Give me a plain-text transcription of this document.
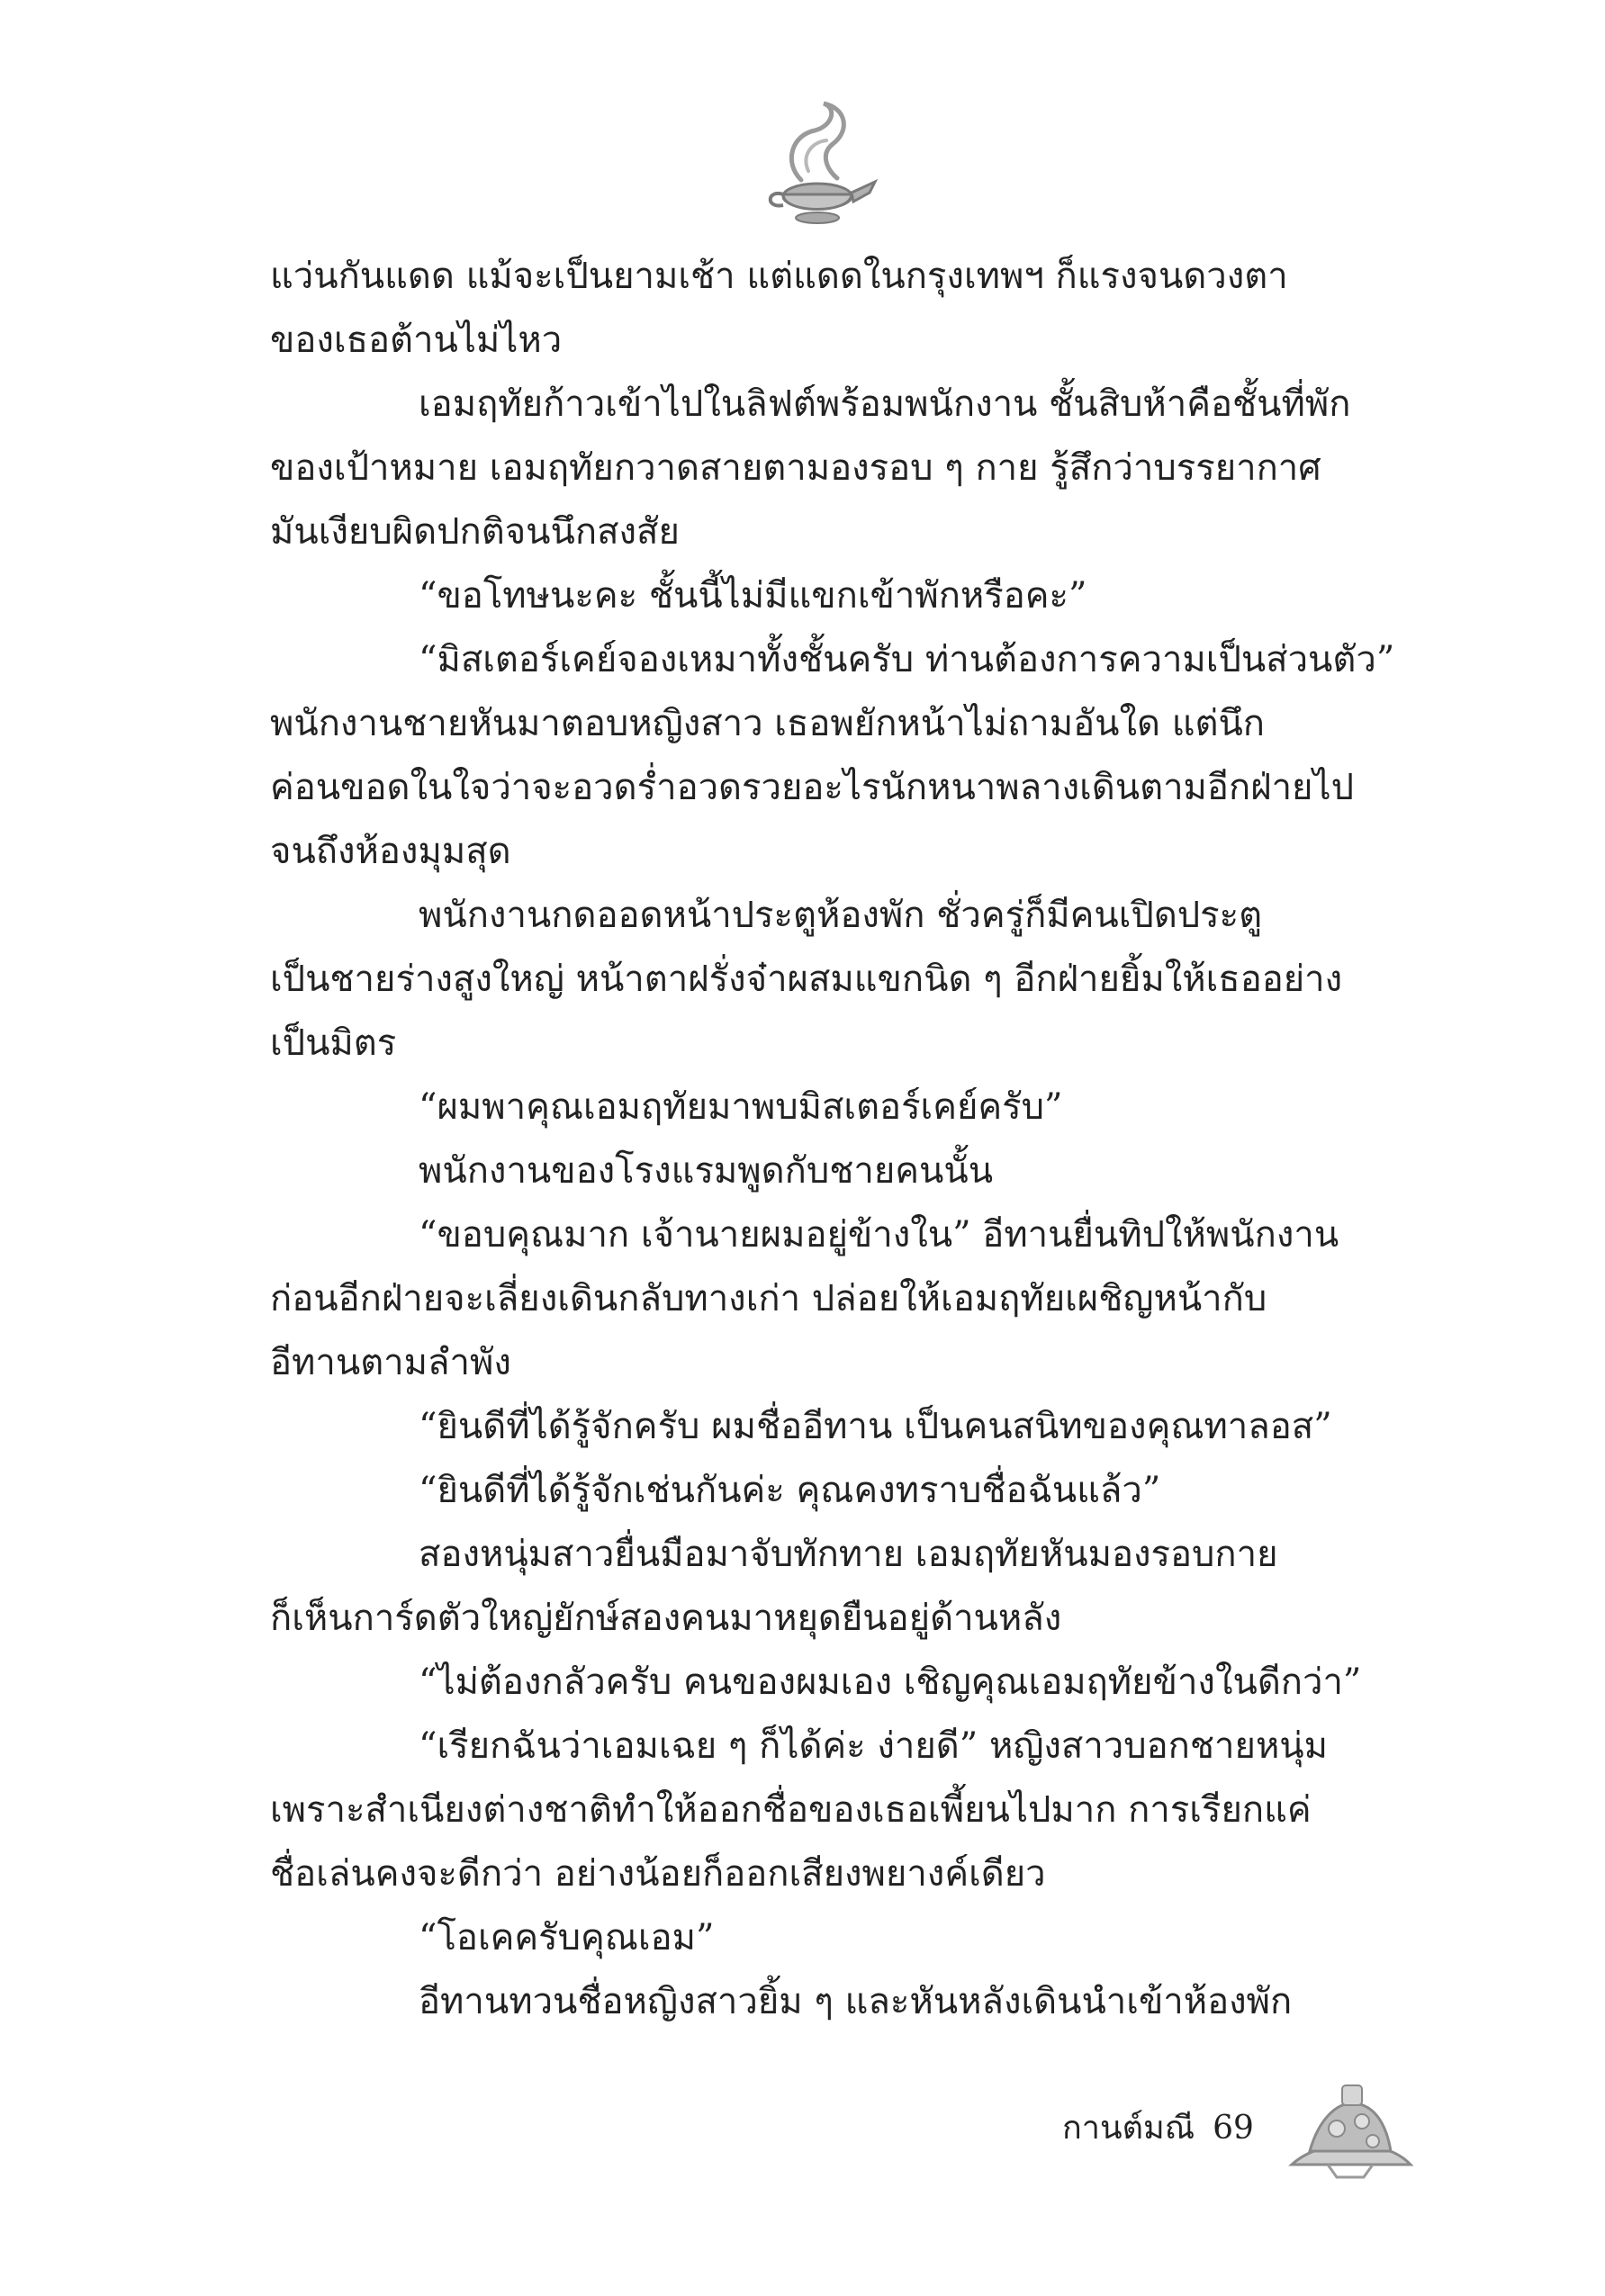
แว่นกันแดด แม้จะเป็นยามเช้า แต่แดดในกรุงเทพฯ ก็แรงจนดวงตา
ของเธอต้านไม่ไหว
เอมฤทัยก้าวเข้าไปในลิฟต์พร้อมพนักงาน ชั้นสิบห้าคือชั้นที่พัก
ของเป้าหมาย เอมฤทัยกวาดสายตามองรอบ ๆ กาย รู้สึกว่าบรรยากาศ
มันเงียบผิดปกติจนนึกสงสัย
“ขอโทษนะคะ ชั้นนี้ไม่มีแขกเข้าพักหรือคะ”
“มิสเตอร์เคย์จองเหมาทั้งชั้นครับ ท่านต้องการความเป็นส่วนตัว”
พนักงานชายหันมาตอบหญิงสาว เธอพยักหน้าไม่ถามอันใด แต่นึก
ค่อนขอดในใจว่าจะอวดร่ำอวดรวยอะไรนักหนาพลางเดินตามอีกฝ่ายไป
จนถึงห้องมุมสุด
พนักงานกดออดหน้าประตูห้องพัก ชั่วครู่ก็มีคนเปิดประตู
เป็นชายร่างสูงใหญ่ หน้าตาฝรั่งจ๋าผสมแขกนิด ๆ อีกฝ่ายยิ้มให้เธออย่าง
เป็นมิตร
“ผมพาคุณเอมฤทัยมาพบมิสเตอร์เคย์ครับ”
พนักงานของโรงแรมพูดกับชายคนนั้น
“ขอบคุณมาก เจ้านายผมอยู่ข้างใน” อีทานยื่นทิปให้พนักงาน
ก่อนอีกฝ่ายจะเลี่ยงเดินกลับทางเก่า ปล่อยให้เอมฤทัยเผชิญหน้ากับ
อีทานตามลำพัง
“ยินดีที่ได้รู้จักครับ ผมชื่ออีทาน เป็นคนสนิทของคุณทาลอส”
“ยินดีที่ได้รู้จักเช่นกันค่ะ คุณคงทราบชื่อฉันแล้ว”
สองหนุ่มสาวยื่นมือมาจับทักทาย เอมฤทัยหันมองรอบกาย
ก็เห็นการ์ดตัวใหญ่ยักษ์สองคนมาหยุดยืนอยู่ด้านหลัง
“ไม่ต้องกลัวครับ คนของผมเอง เชิญคุณเอมฤทัยข้างในดีกว่า”
“เรียกฉันว่าเอมเฉย ๆ ก็ได้ค่ะ ง่ายดี” หญิงสาวบอกชายหนุ่ม
เพราะสำเนียงต่างชาติทำให้ออกชื่อของเธอเพี้ยนไปมาก การเรียกแค่
ชื่อเล่นคงจะดีกว่า อย่างน้อยก็ออกเสียงพยางค์เดียว
“โอเคครับคุณเอม”
อีทานทวนชื่อหญิงสาวยิ้ม ๆ และหันหลังเดินนำเข้าห้องพัก
กานต์มณี 69
